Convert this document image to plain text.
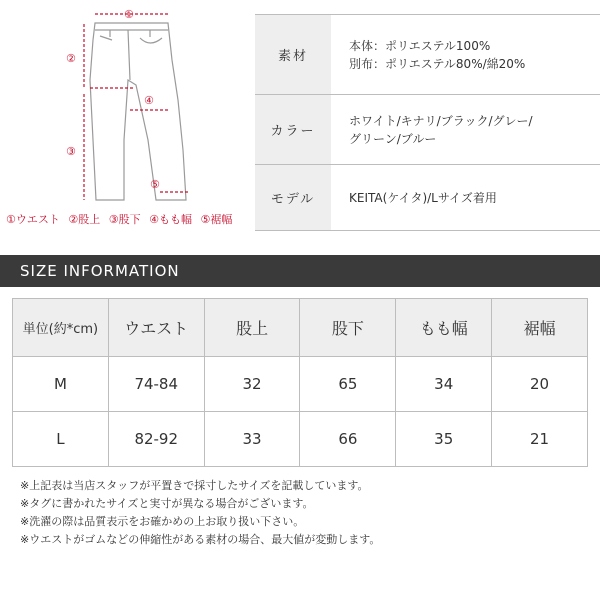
①
②
③
④
⑤
①ウエスト ②股上 ③股下 ④もも幅 ⑤裾幅
素材	本体：ポリエステル100%
別布：ポリエステル80%/綿20%

カラー	ホワイト/キナリ/ブラック/グレー/
グリーン/ブルー

モデル	KEITA(ケイタ)/Lサイズ着用
SIZE INFORMATION
単位(約*cm)	ウエスト	股上	股下	もも幅	裾幅
M	74-84	32	65	34	20
L	82-92	33	66	35	21
※上記表は当店スタッフが平置きで採寸したサイズを記載しています。
※タグに書かれたサイズと実寸が異なる場合がございます。
※洗濯の際は品質表示をお確かめの上お取り扱い下さい。
※ウエストがゴムなどの伸縮性がある素材の場合、最大値が変動します。
